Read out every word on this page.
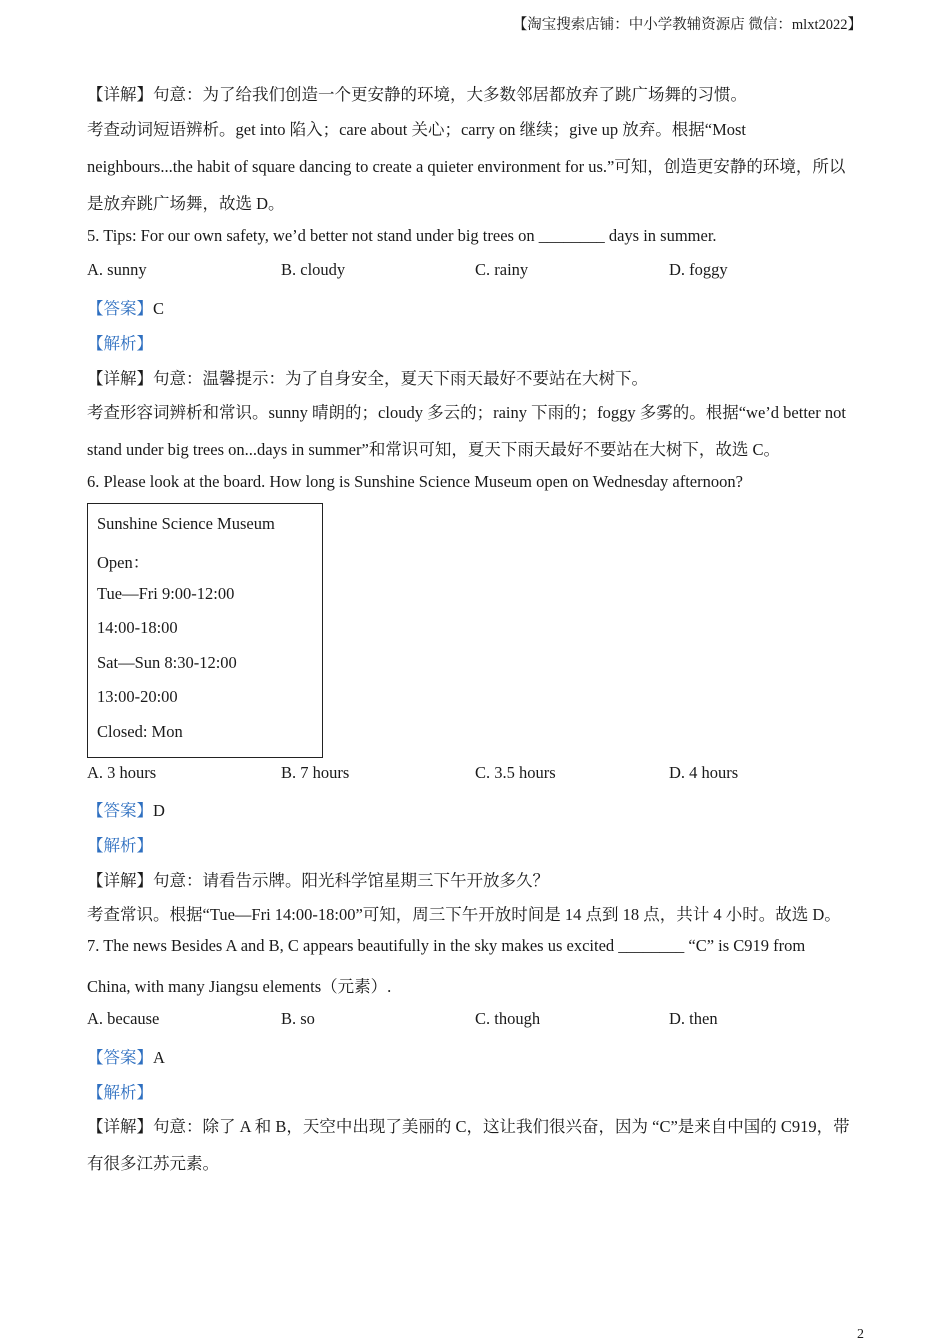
【淘宝搜索店铺：中小学教辅资源店 微信：mlxt2022】
【详解】句意：为了给我们创造一个更安静的环境，大多数邻居都放弃了跳广场舞的习惯。
考查动词短语辨析。get into 陷入；care about 关心；carry on 继续；give up 放弃。根据“Most
neighbours...the habit of square dancing to create a quieter environment for us.”可知，创造更安静的环境，所以
是放弃跳广场舞，故选 D。
5. Tips: For our own safety, we’d better not stand under big trees on ________ days in summer.
A. sunny	B. cloudy	C. rainy	D. foggy
【答案】C
【解析】
【详解】句意：温馨提示：为了自身安全，夏天下雨天最好不要站在大树下。
考查形容词辨析和常识。sunny 晴朗的；cloudy 多云的；rainy 下雨的；foggy 多雾的。根据“we’d better not
stand under big trees on...days in summer”和常识可知，夏天下雨天最好不要站在大树下，故选 C。
6. Please look at the board. How long is Sunshine Science Museum open on Wednesday afternoon?
Sunshine Science Museum
Open：
Tue—Fri 9:00-12:00
14:00-18:00
Sat—Sun 8:30-12:00
13:00-20:00
Closed: Mon
A. 3 hours	B. 7 hours	C. 3.5 hours	D. 4 hours
【答案】D
【解析】
【详解】句意：请看告示牌。阳光科学馆星期三下午开放多久？
考查常识。根据“Tue—Fri 14:00-18:00”可知，周三下午开放时间是 14 点到 18 点，共计 4 小时。故选 D。
7. The news Besides A and B, C appears beautifully in the sky makes us excited ________ “C” is C919 from
China, with many Jiangsu elements（元素）.
A. because	B. so	C. though	D. then
【答案】A
【解析】
【详解】句意：除了 A 和 B，天空中出现了美丽的 C，这让我们很兴奋，因为 “C”是来自中国的 C919，带
有很多江苏元素。
2
